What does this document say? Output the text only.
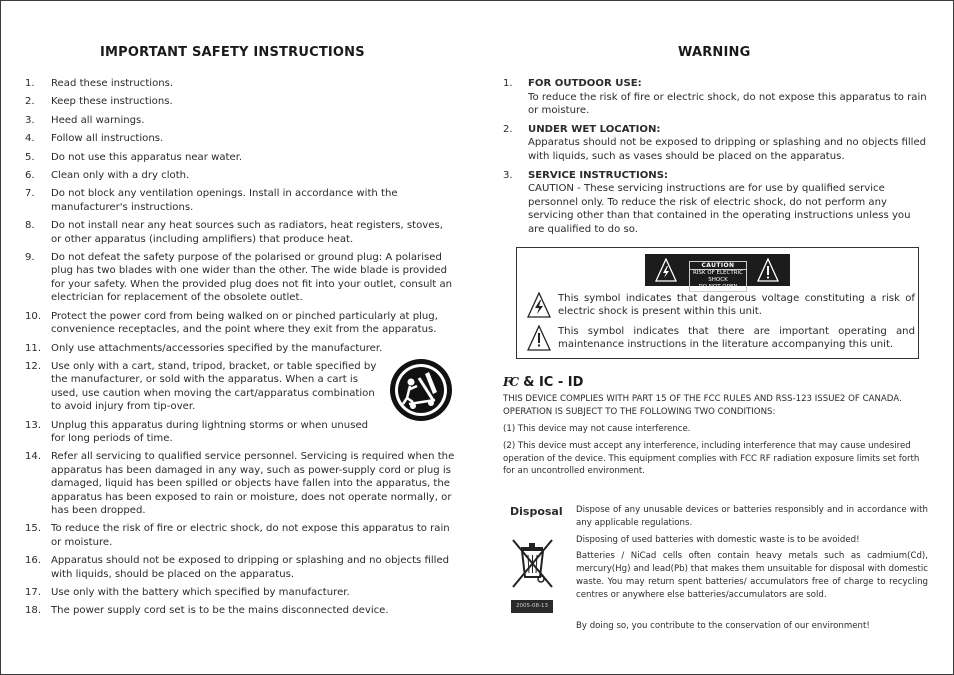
IMPORTANT SAFETY INSTRUCTIONS
1. Read these instructions.
2. Keep these instructions.
3. Heed all warnings.
4. Follow all instructions.
5. Do not use this apparatus near water.
6. Clean only with a dry cloth.
7. Do not block any ventilation openings. Install in accordance with the manufacturer's instructions.
8. Do not install near any heat sources such as radiators, heat registers, stoves, or other apparatus (including amplifiers) that produce heat.
9. Do not defeat the safety purpose of the polarised or ground plug: A polarised plug has two blades with one wider than the other. The wide blade is provided for your safety. When the provided plug does not fit into your outlet, consult an electrician for replacement of the obsolete outlet.
10. Protect the power cord from being walked on or pinched particularly at plug, convenience receptacles, and the point where they exit from the apparatus.
11. Only use attachments/accessories specified by the manufacturer.
12. Use only with a cart, stand, tripod, bracket, or table specified by the manufacturer, or sold with the apparatus. When a cart is used, use caution when moving the cart/apparatus combination to avoid injury from tip-over.
13. Unplug this apparatus during lightning storms or when unused for long periods of time.
14. Refer all servicing to qualified service personnel. Servicing is required when the apparatus has been damaged in any way, such as power-supply cord or plug is damaged, liquid has been spilled or objects have fallen into the apparatus, the apparatus has been exposed to rain or moisture, does not operate normally, or has been dropped.
15. To reduce the risk of fire or electric shock, do not expose this apparatus to rain or moisture.
16. Apparatus should not be exposed to dripping or splashing and no objects filled with liquids, should be placed on the apparatus.
17. Use only with the battery which specified by manufacturer.
18. The power supply cord set is to be the mains disconnected device.
WARNING
1. FOR OUTDOOR USE:
To reduce the risk of fire or electric shock, do not expose this apparatus to rain or moisture.
2. UNDER WET LOCATION:
Apparatus should not be exposed to dripping or splashing and no objects filled with liquids, such as vases should be placed on the apparatus.
3. SERVICE INSTRUCTIONS:
CAUTION - These servicing instructions are for use by qualified service personnel only. To reduce the risk of electric shock, do not perform any servicing other than that contained in the operating instructions unless you are qualified to do so.
CAUTION
RISK OF ELECTRIC SHOCK
DO NOT OPEN
This symbol indicates that dangerous voltage constituting a risk of electric shock is present within this unit.
This symbol indicates that there are important operating and maintenance instructions in the literature accompanying this unit.
FC & IC - ID

THIS DEVICE COMPLIES WITH PART 15 OF THE FCC RULES AND RSS-123 ISSUE2 OF CANADA. OPERATION IS SUBJECT TO THE FOLLOWING TWO CONDITIONS:

(1) This device may not cause interference.

(2) This device must accept any interference, including interference that may cause undesired operation of the device. This equipment complies with FCC RF radiation exposure limits set forth for an uncontrolled environment.

Disposal
2005-08-13

Dispose of any unusable devices or batteries responsibly and in accordance with any applicable regulations.

Disposing of used batteries with domestic waste is to be avoided!

Batteries / NiCad cells often contain heavy metals such as cadmium(Cd), mercury(Hg) and lead(Pb) that makes them unsuitable for disposal with domestic waste. You may return spent batteries/ accumulators free of charge to recycling centres or anywhere else batteries/accumulators are sold.

By doing so, you contribute to the conservation of our environment!
